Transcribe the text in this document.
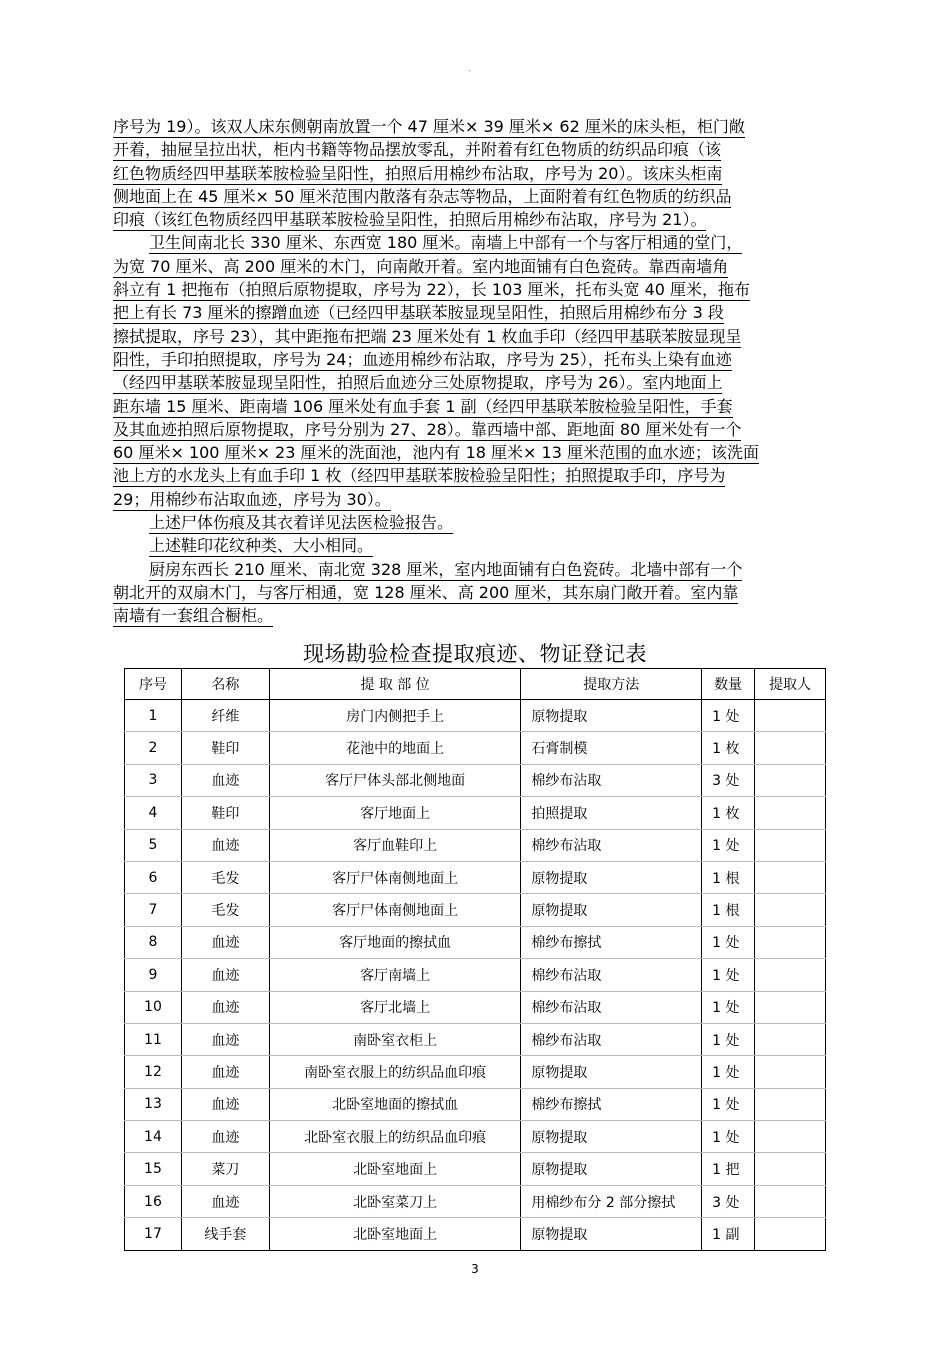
-
序号为 19）。该双人床东侧朝南放置一个 47 厘米× 39 厘米× 62 厘米的床头柜，柜门敞
开着，抽屉呈拉出状，柜内书籍等物品摆放零乱，并附着有红色物质的纺织品印痕（该
红色物质经四甲基联苯胺检验呈阳性，拍照后用棉纱布沾取，序号为 20）。该床头柜南
侧地面上在 45 厘米× 50 厘米范围内散落有杂志等物品，上面附着有红色物质的纺织品
印痕（该红色物质经四甲基联苯胺检验呈阳性，拍照后用棉纱布沾取，序号为 21）。
卫生间南北长 330 厘米、东西宽 180 厘米。南墙上中部有一个与客厅相通的堂门，
为宽 70 厘米、高 200 厘米的木门，向南敞开着。室内地面铺有白色瓷砖。靠西南墙角
斜立有 1 把拖布（拍照后原物提取，序号为 22），长 103 厘米，托布头宽 40 厘米，拖布
把上有长 73 厘米的擦蹭血迹（已经四甲基联苯胺显现呈阳性，拍照后用棉纱布分 3 段
擦拭提取，序号 23），其中距拖布把端 23 厘米处有 1 枚血手印（经四甲基联苯胺显现呈
阳性，手印拍照提取，序号为 24；血迹用棉纱布沾取，序号为 25），托布头上染有血迹
（经四甲基联苯胺显现呈阳性，拍照后血迹分三处原物提取，序号为 26）。室内地面上
距东墙 15 厘米、距南墙 106 厘米处有血手套 1 副（经四甲基联苯胺检验呈阳性，手套
及其血迹拍照后原物提取，序号分别为 27、28）。靠西墙中部、距地面 80 厘米处有一个
60 厘米× 100 厘米× 23 厘米的洗面池，池内有 18 厘米× 13 厘米范围的血水迹；该洗面
池上方的水龙头上有血手印 1 枚（经四甲基联苯胺检验呈阳性；拍照提取手印，序号为
29；用棉纱布沾取血迹，序号为 30）。
上述尸体伤痕及其衣着详见法医检验报告。
上述鞋印花纹种类、大小相同。
厨房东西长 210 厘米、南北宽 328 厘米，室内地面铺有白色瓷砖。北墙中部有一个
朝北开的双扇木门，与客厅相通，宽 128 厘米、高 200 厘米，其东扇门敞开着。室内靠
南墙有一套组合橱柜。
现场勘验检查提取痕迹、物证登记表
序号	名称	提 取 部 位	提取方法	数量	提取人
1	纤维	房门内侧把手上	原物提取	1 处	
2	鞋印	花池中的地面上	石膏制模	1 枚	
3	血迹	客厅尸体头部北侧地面	棉纱布沾取	3 处	
4	鞋印	客厅地面上	拍照提取	1 枚	
5	血迹	客厅血鞋印上	棉纱布沾取	1 处	
6	毛发	客厅尸体南侧地面上	原物提取	1 根	
7	毛发	客厅尸体南侧地面上	原物提取	1 根	
8	血迹	客厅地面的擦拭血	棉纱布擦拭	1 处	
9	血迹	客厅南墙上	棉纱布沾取	1 处	
10	血迹	客厅北墙上	棉纱布沾取	1 处	
11	血迹	南卧室衣柜上	棉纱布沾取	1 处	
12	血迹	南卧室衣服上的纺织品血印痕	原物提取	1 处	
13	血迹	北卧室地面的擦拭血	棉纱布擦拭	1 处	
14	血迹	北卧室衣服上的纺织品血印痕	原物提取	1 处	
15	菜刀	北卧室地面上	原物提取	1 把	
16	血迹	北卧室菜刀上	用棉纱布分 2 部分擦拭	3 处	
17	线手套	北卧室地面上	原物提取	1 副	
3
